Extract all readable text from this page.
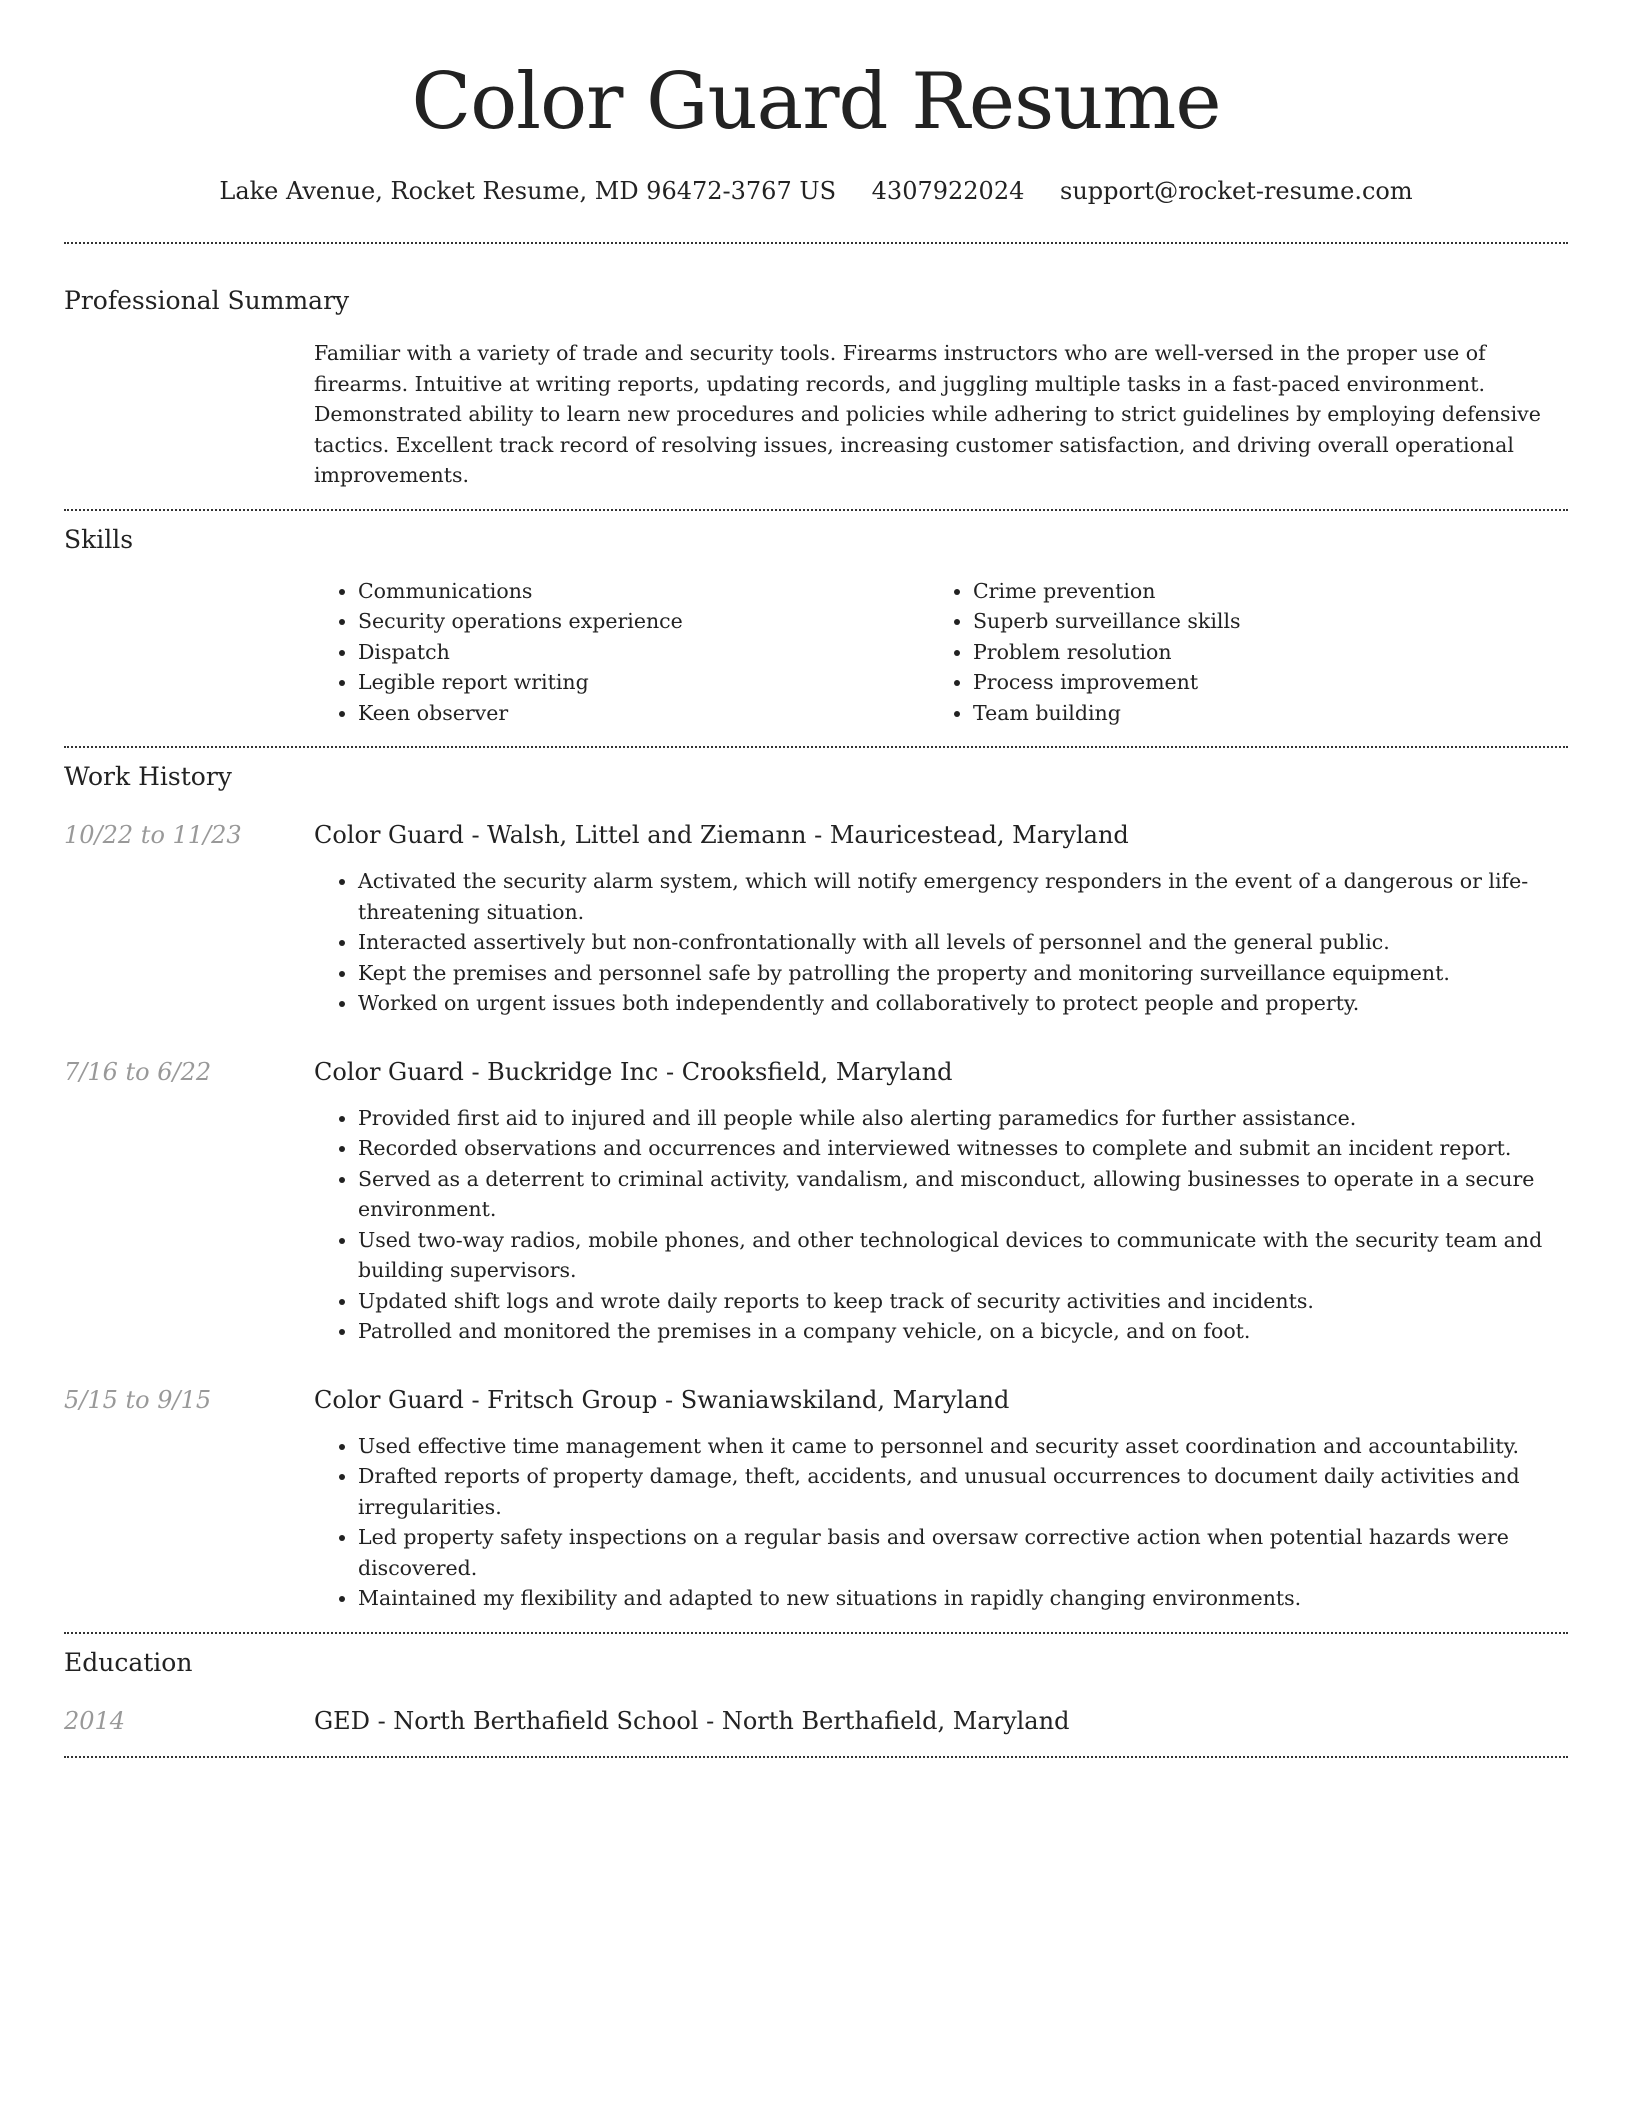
Color Guard Resume
Lake Avenue, Rocket Resume, MD 96472-3767 US 4307922024 support@rocket-resume.com
Professional Summary

Familiar with a variety of trade and security tools. Firearms instructors who are well-versed in the proper use of firearms. Intuitive at writing reports, updating records, and juggling multiple tasks in a fast-paced environment. Demonstrated ability to learn new procedures and policies while adhering to strict guidelines by employing defensive tactics. Excellent track record of resolving issues, increasing customer satisfaction, and driving overall operational improvements.

Skills
• Communications
• Security operations experience
• Dispatch
• Legible report writing
• Keen observer
• Crime prevention
• Superb surveillance skills
• Problem resolution
• Process improvement
• Team building
Work History
10/22 to 11/23	Color Guard - Walsh, Littel and Ziemann - Mauricestead, Maryland
• Activated the security alarm system, which will notify emergency responders in the event of a dangerous or life-threatening situation.
• Interacted assertively but non-confrontationally with all levels of personnel and the general public.
• Kept the premises and personnel safe by patrolling the property and monitoring surveillance equipment.
• Worked on urgent issues both independently and collaboratively to protect people and property.
7/16 to 6/22	Color Guard - Buckridge Inc - Crooksfield, Maryland
• Provided first aid to injured and ill people while also alerting paramedics for further assistance.
• Recorded observations and occurrences and interviewed witnesses to complete and submit an incident report.
• Served as a deterrent to criminal activity, vandalism, and misconduct, allowing businesses to operate in a secure environment.
• Used two-way radios, mobile phones, and other technological devices to communicate with the security team and building supervisors.
• Updated shift logs and wrote daily reports to keep track of security activities and incidents.
• Patrolled and monitored the premises in a company vehicle, on a bicycle, and on foot.
5/15 to 9/15	Color Guard - Fritsch Group - Swaniawskiland, Maryland
• Used effective time management when it came to personnel and security asset coordination and accountability.
• Drafted reports of property damage, theft, accidents, and unusual occurrences to document daily activities and irregularities.
• Led property safety inspections on a regular basis and oversaw corrective action when potential hazards were discovered.
• Maintained my flexibility and adapted to new situations in rapidly changing environments.
Education
2014	GED - North Berthafield School - North Berthafield, Maryland
